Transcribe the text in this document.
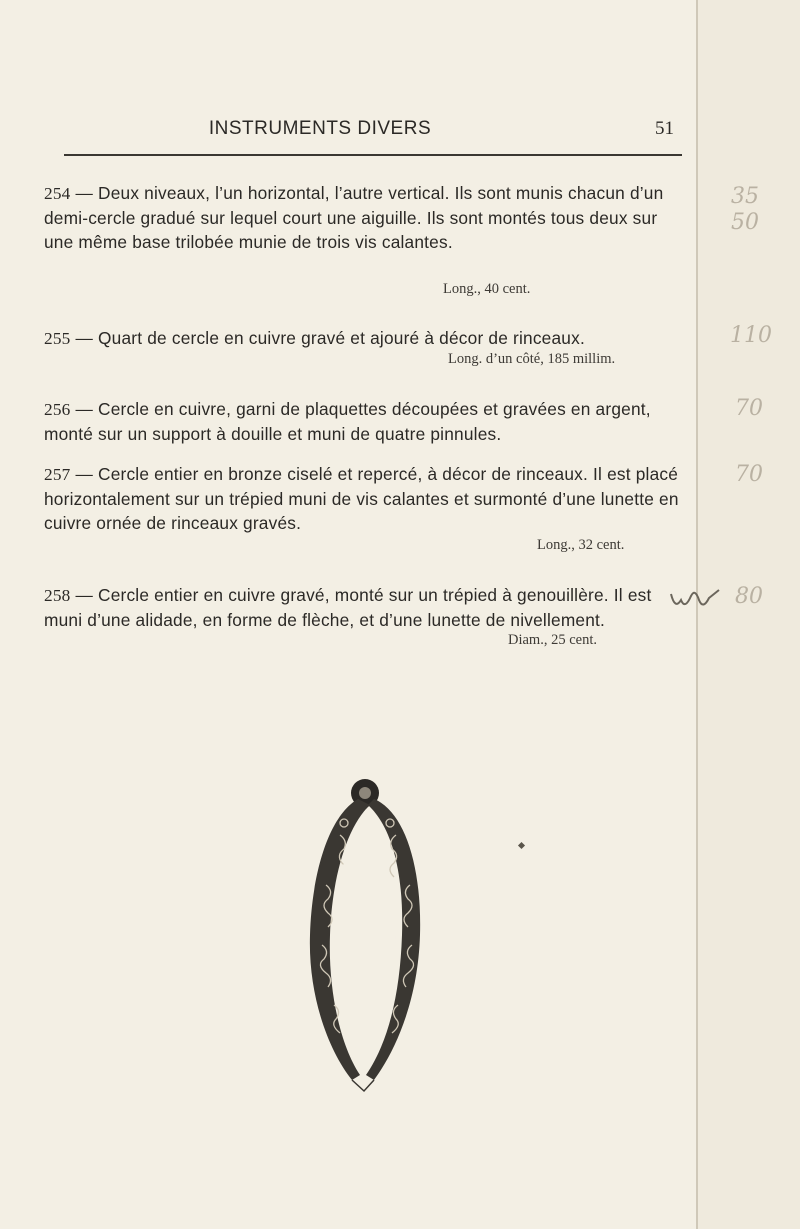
INSTRUMENTS DIVERS	51
254 — Deux niveaux, l’un horizontal, l’autre vertical. Ils sont munis chacun d’un demi-cercle gradué sur lequel court une aiguille. Ils sont montés tous deux sur une même base trilobée munie de trois vis calantes.
Long., 40 cent.
255 — Quart de cercle en cuivre gravé et ajouré à décor de rinceaux.
Long. d’un côté, 185 millim.
256 — Cercle en cuivre, garni de plaquettes découpées et gravées en argent, monté sur un support à douille et muni de quatre pinnules.
257 — Cercle entier en bronze ciselé et repercé, à décor de rinceaux. Il est placé horizontalement sur un trépied muni de vis calantes et surmonté d’une lunette en cuivre ornée de rinceaux gravés.
Long., 32 cent.
258 — Cercle entier en cuivre gravé, monté sur un trépied à genouillère. Il est muni d’une alidade, en forme de flèche, et d’une lunette de nivellement.
Diam., 25 cent.
35
50
110
70
70
80
